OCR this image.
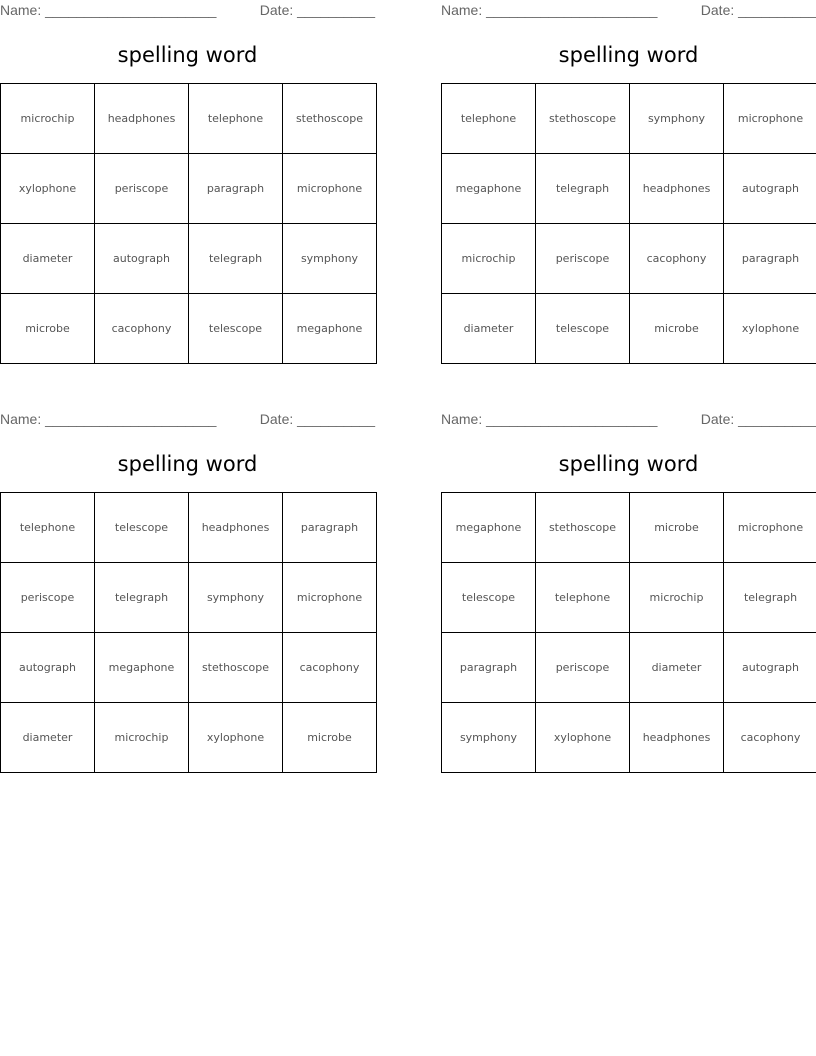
Name: ______________________	Date: __________
spelling word
microchip	headphones	telephone	stethoscope
xylophone	periscope	paragraph	microphone
diameter	autograph	telegraph	symphony
microbe	cacophony	telescope	megaphone
Name: ______________________	Date: __________
spelling word
telephone	stethoscope	symphony	microphone
megaphone	telegraph	headphones	autograph
microchip	periscope	cacophony	paragraph
diameter	telescope	microbe	xylophone
Name: ______________________	Date: __________
spelling word
telephone	telescope	headphones	paragraph
periscope	telegraph	symphony	microphone
autograph	megaphone	stethoscope	cacophony
diameter	microchip	xylophone	microbe
Name: ______________________	Date: __________
spelling word
megaphone	stethoscope	microbe	microphone
telescope	telephone	microchip	telegraph
paragraph	periscope	diameter	autograph
symphony	xylophone	headphones	cacophony
